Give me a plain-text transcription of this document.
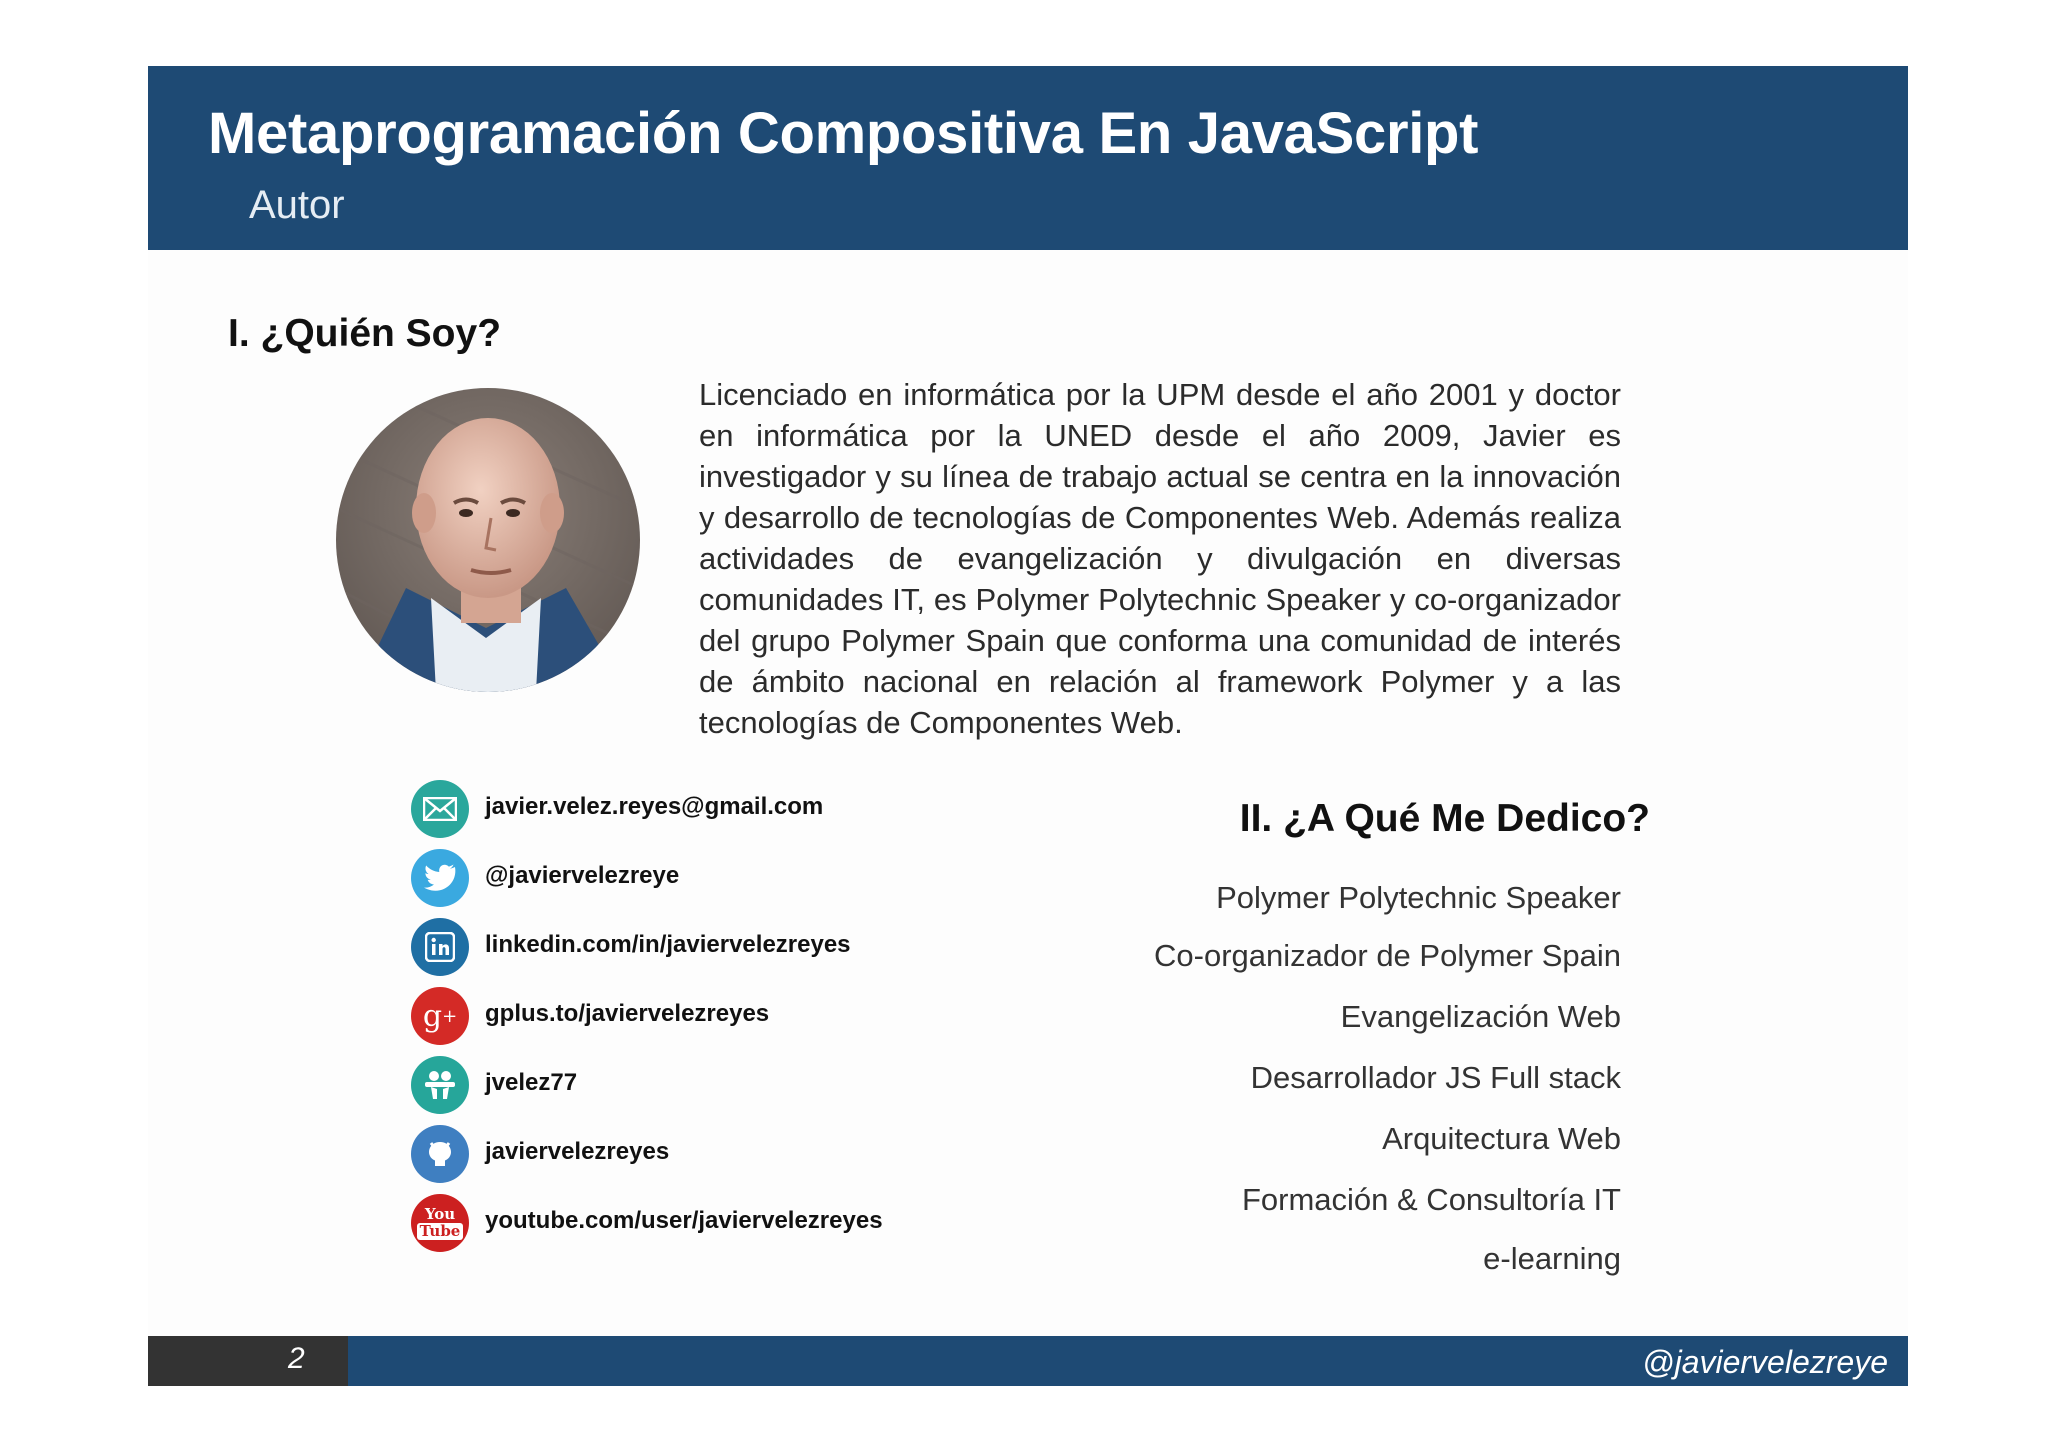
Metaprogramación Compositiva En JavaScript
Autor
I. ¿Quién Soy?
Licenciado en informática por la UPM desde el año 2001 y doctor en informática por la UNED desde el año 2009, Javier es investigador y su línea de trabajo actual se centra en la innovación y desarrollo de tecnologías de Componentes Web. Además realiza actividades de evangelización y divulgación en diversas comunidades IT, es Polymer Polytechnic Speaker y co-organizador del grupo Polymer Spain que conforma una comunidad de interés de ámbito nacional en relación al framework Polymer y a las tecnologías de Componentes Web.
javier.velez.reyes@gmail.com
@javiervelezreye
linkedin.com/in/javiervelezreyes
g + gplus.to/javiervelezreyes
jvelez77
javiervelezreyes
You
Tube youtube.com/user/javiervelezreyes
II. ¿A Qué Me Dedico?
Polymer Polytechnic Speaker
Co-organizador de Polymer Spain
Evangelización Web
Desarrollador JS Full stack
Arquitectura Web
Formación & Consultoría IT
e-learning
2	@javiervelezreye
